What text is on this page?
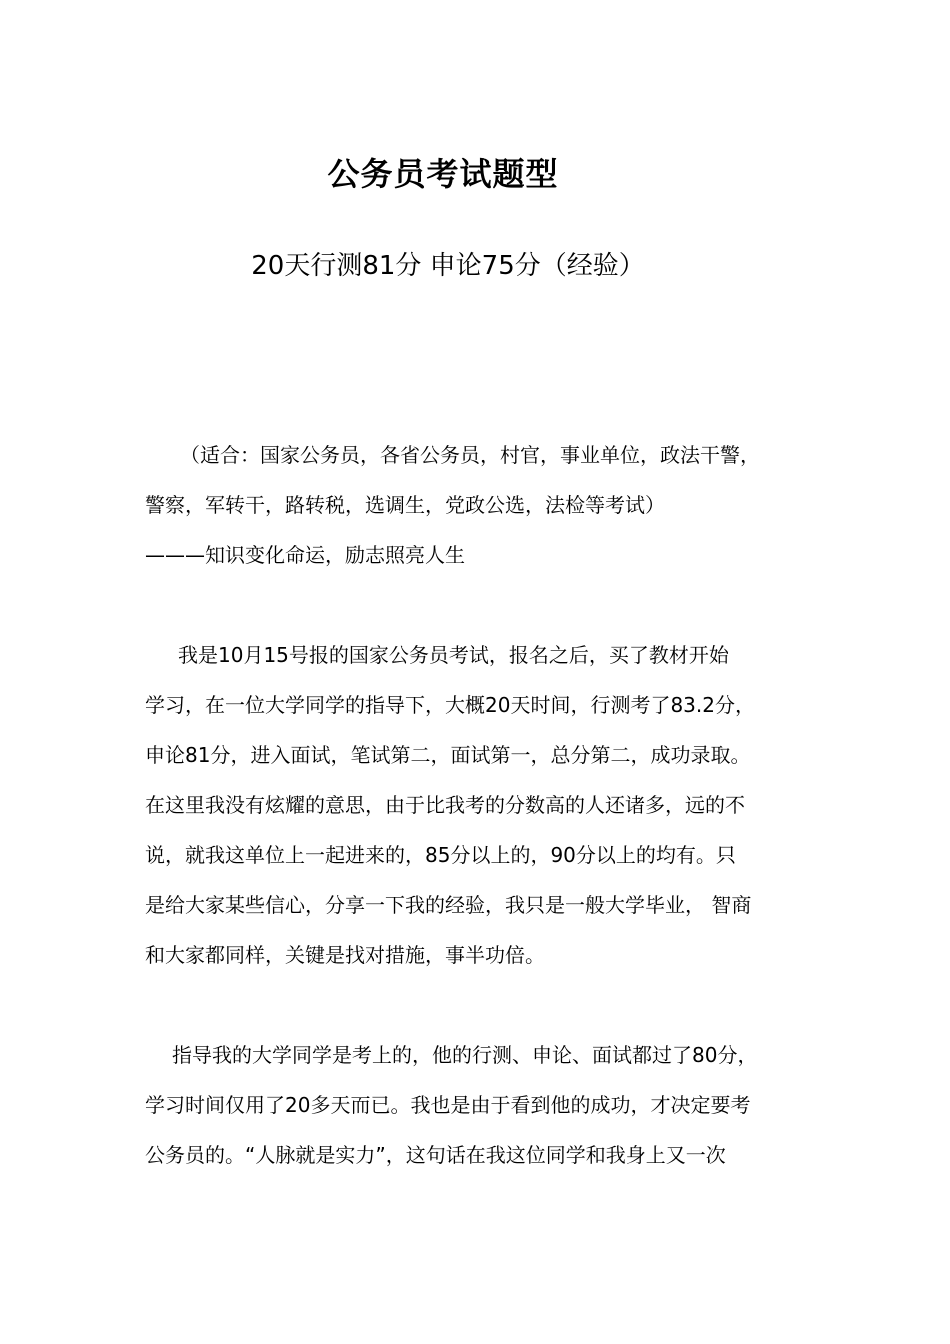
公务员考试题型
20天行测81分 申论75分（经验）
（适合：国家公务员，各省公务员，村官，事业单位，政法干警，
警察，军转干，路转税，选调生，党政公选，法检等考试）
———知识变化命运，励志照亮人生
我是10月15号报的国家公务员考试，报名之后，买了教材开始
学习，在一位大学同学的指导下，大概20天时间，行测考了83.2分，
申论81分，进入面试，笔试第二，面试第一，总分第二，成功录取。
在这里我没有炫耀的意思，由于比我考的分数高的人还诸多，远的不
说，就我这单位上一起进来的，85分以上的，90分以上的均有。只
是给大家某些信心，分享一下我的经验，我只是一般大学毕业， 智商
和大家都同样，关键是找对措施，事半功倍。
指导我的大学同学是考上的，他的行测、申论、面试都过了80分，
学习时间仅用了20多天而已。我也是由于看到他的成功，才决定要考
公务员的。“人脉就是实力”，这句话在我这位同学和我身上又一次
